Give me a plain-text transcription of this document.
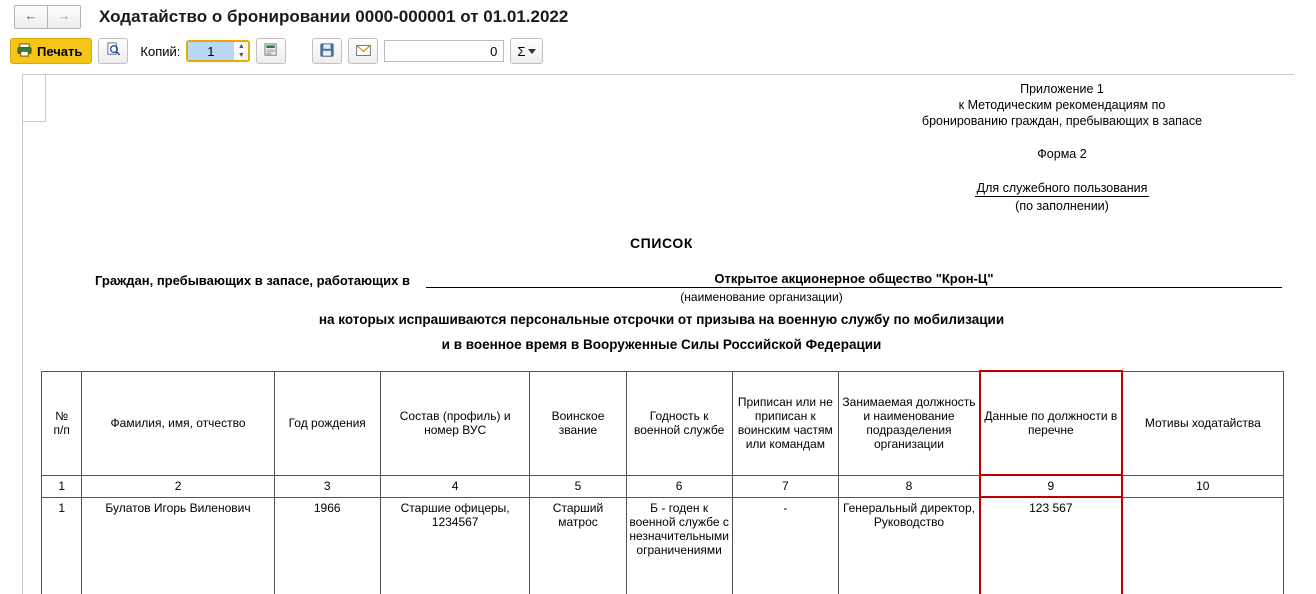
←	→	Ходатайство о бронировании 0000-000001 от 01.01.2022
Печать	Копий:
1	▲
▼
0	Σ
Приложение 1
к Методическим рекомендациям по
бронированию граждан, пребывающих в запасе
Форма 2
Для служебного пользования
(по заполнении)
СПИСОК
Граждан, пребывающих в запасе, работающих в	Открытое акционерное общество "Крон-Ц"
(наименование организации)
на которых испрашиваются персональные отсрочки от призыва на военную службу по мобилизации
и в военное время в Вооруженные Силы Российской Федерации
№
п/п	Фамилия, имя, отчество	Год рождения	Состав (профиль) и номер ВУС	Воинское звание	Годность к военной службе	Приписан или не приписан к воинским частям или командам	Занимаемая должность и наименование подразделения организации	Данные по должности в перечне	Мотивы ходатайства
1	2	3	4	5	6	7	8	9	10
1	Булатов Игорь Виленович	1966	Старшие офицеры, 1234567	Старший матрос	Б - годен к военной службе с незначительными ограничениями	-	Генеральный директор, Руководство	123 567	
